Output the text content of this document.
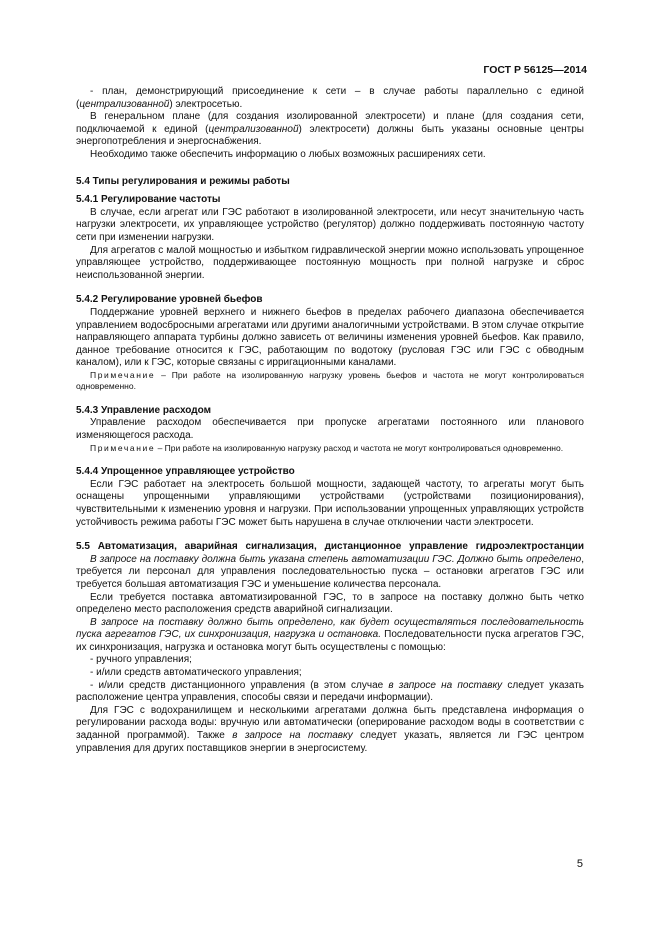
ГОСТ Р 56125—2014

- план, демонстрирующий присоединение к сети – в случае работы параллельно с единой (централизованной) электросетью.

В генеральном плане (для создания изолированной электросети) и плане (для создания сети, подключаемой к единой (централизованной) электросети) должны быть указаны основные центры энергопотребления и энергоснабжения.

Необходимо также обеспечить информацию о любых возможных расширениях сети.

5.4 Типы регулирования и режимы работы
5.4.1 Регулирование частоты

В случае, если агрегат или ГЭС работают в изолированной электросети, или несут значительную часть нагрузки электросети, их управляющее устройство (регулятор) должно поддерживать постоянную частоту сети при изменении нагрузки.

Для агрегатов с малой мощностью и избытком гидравлической энергии можно использовать упрощенное управляющее устройство, поддерживающее постоянную мощность при полной нагрузке и сброс неиспользованной энергии.

5.4.2 Регулирование уровней бьефов

Поддержание уровней верхнего и нижнего бьефов в пределах рабочего диапазона обеспечивается управлением водосбросными агрегатами или другими аналогичными устройствами. В этом случае открытие направляющего аппарата турбины должно зависеть от величины изменения уровней бьефов. Как правило, данное требование относится к ГЭС, работающим по водотоку (русловая ГЭС или ГЭС с обводным каналом), или к ГЭС, которые связаны с ирригационными каналами.

Примечание – При работе на изолированную нагрузку уровень бьефов и частота не могут контролироваться одновременно.

5.4.3 Управление расходом

Управление расходом обеспечивается при пропуске агрегатами постоянного или планового изменяющегося расхода.

Примечание – При работе на изолированную нагрузку расход и частота не могут контролироваться одновременно.

5.4.4 Упрощенное управляющее устройство

Если ГЭС работает на электросеть большой мощности, задающей частоту, то агрегаты могут быть оснащены упрощенными управляющими устройствами (устройствами позиционирования), чувствительными к изменению уровня и нагрузки. При использовании упрощенных управляющих устройств устойчивость режима работы ГЭС может быть нарушена в случае отключении части электросети.

5.5 Автоматизация, аварийная сигнализация, дистанционное управление гидроэлектростанции

В запросе на поставку должна быть указана степень автоматизации ГЭС. Должно быть определено, требуется ли персонал для управления последовательностью пуска – остановки агрегатов ГЭС или требуется большая автоматизация ГЭС и уменьшение количества персонала.

Если требуется поставка автоматизированной ГЭС, то в запросе на поставку должно быть четко определено место расположения средств аварийной сигнализации.

В запросе на поставку должно быть определено, как будет осуществляться последовательность пуска агрегатов ГЭС, их синхронизация, нагрузка и остановка. Последовательности пуска агрегатов ГЭС, их синхронизация, нагрузка и остановка могут быть осуществлены с помощью:

- ручного управления;

- и/или средств автоматического управления;

- и/или средств дистанционного управления (в этом случае в запросе на поставку следует указать расположение центра управления, способы связи и передачи информации).

Для ГЭС с водохранилищем и несколькими агрегатами должна быть представлена информация о регулировании расхода воды: вручную или автоматически (оперирование расходом воды в соответствии с заданной программой). Также в запросе на поставку следует указать, является ли ГЭС центром управления для других поставщиков энергии в энергосистему.

5
